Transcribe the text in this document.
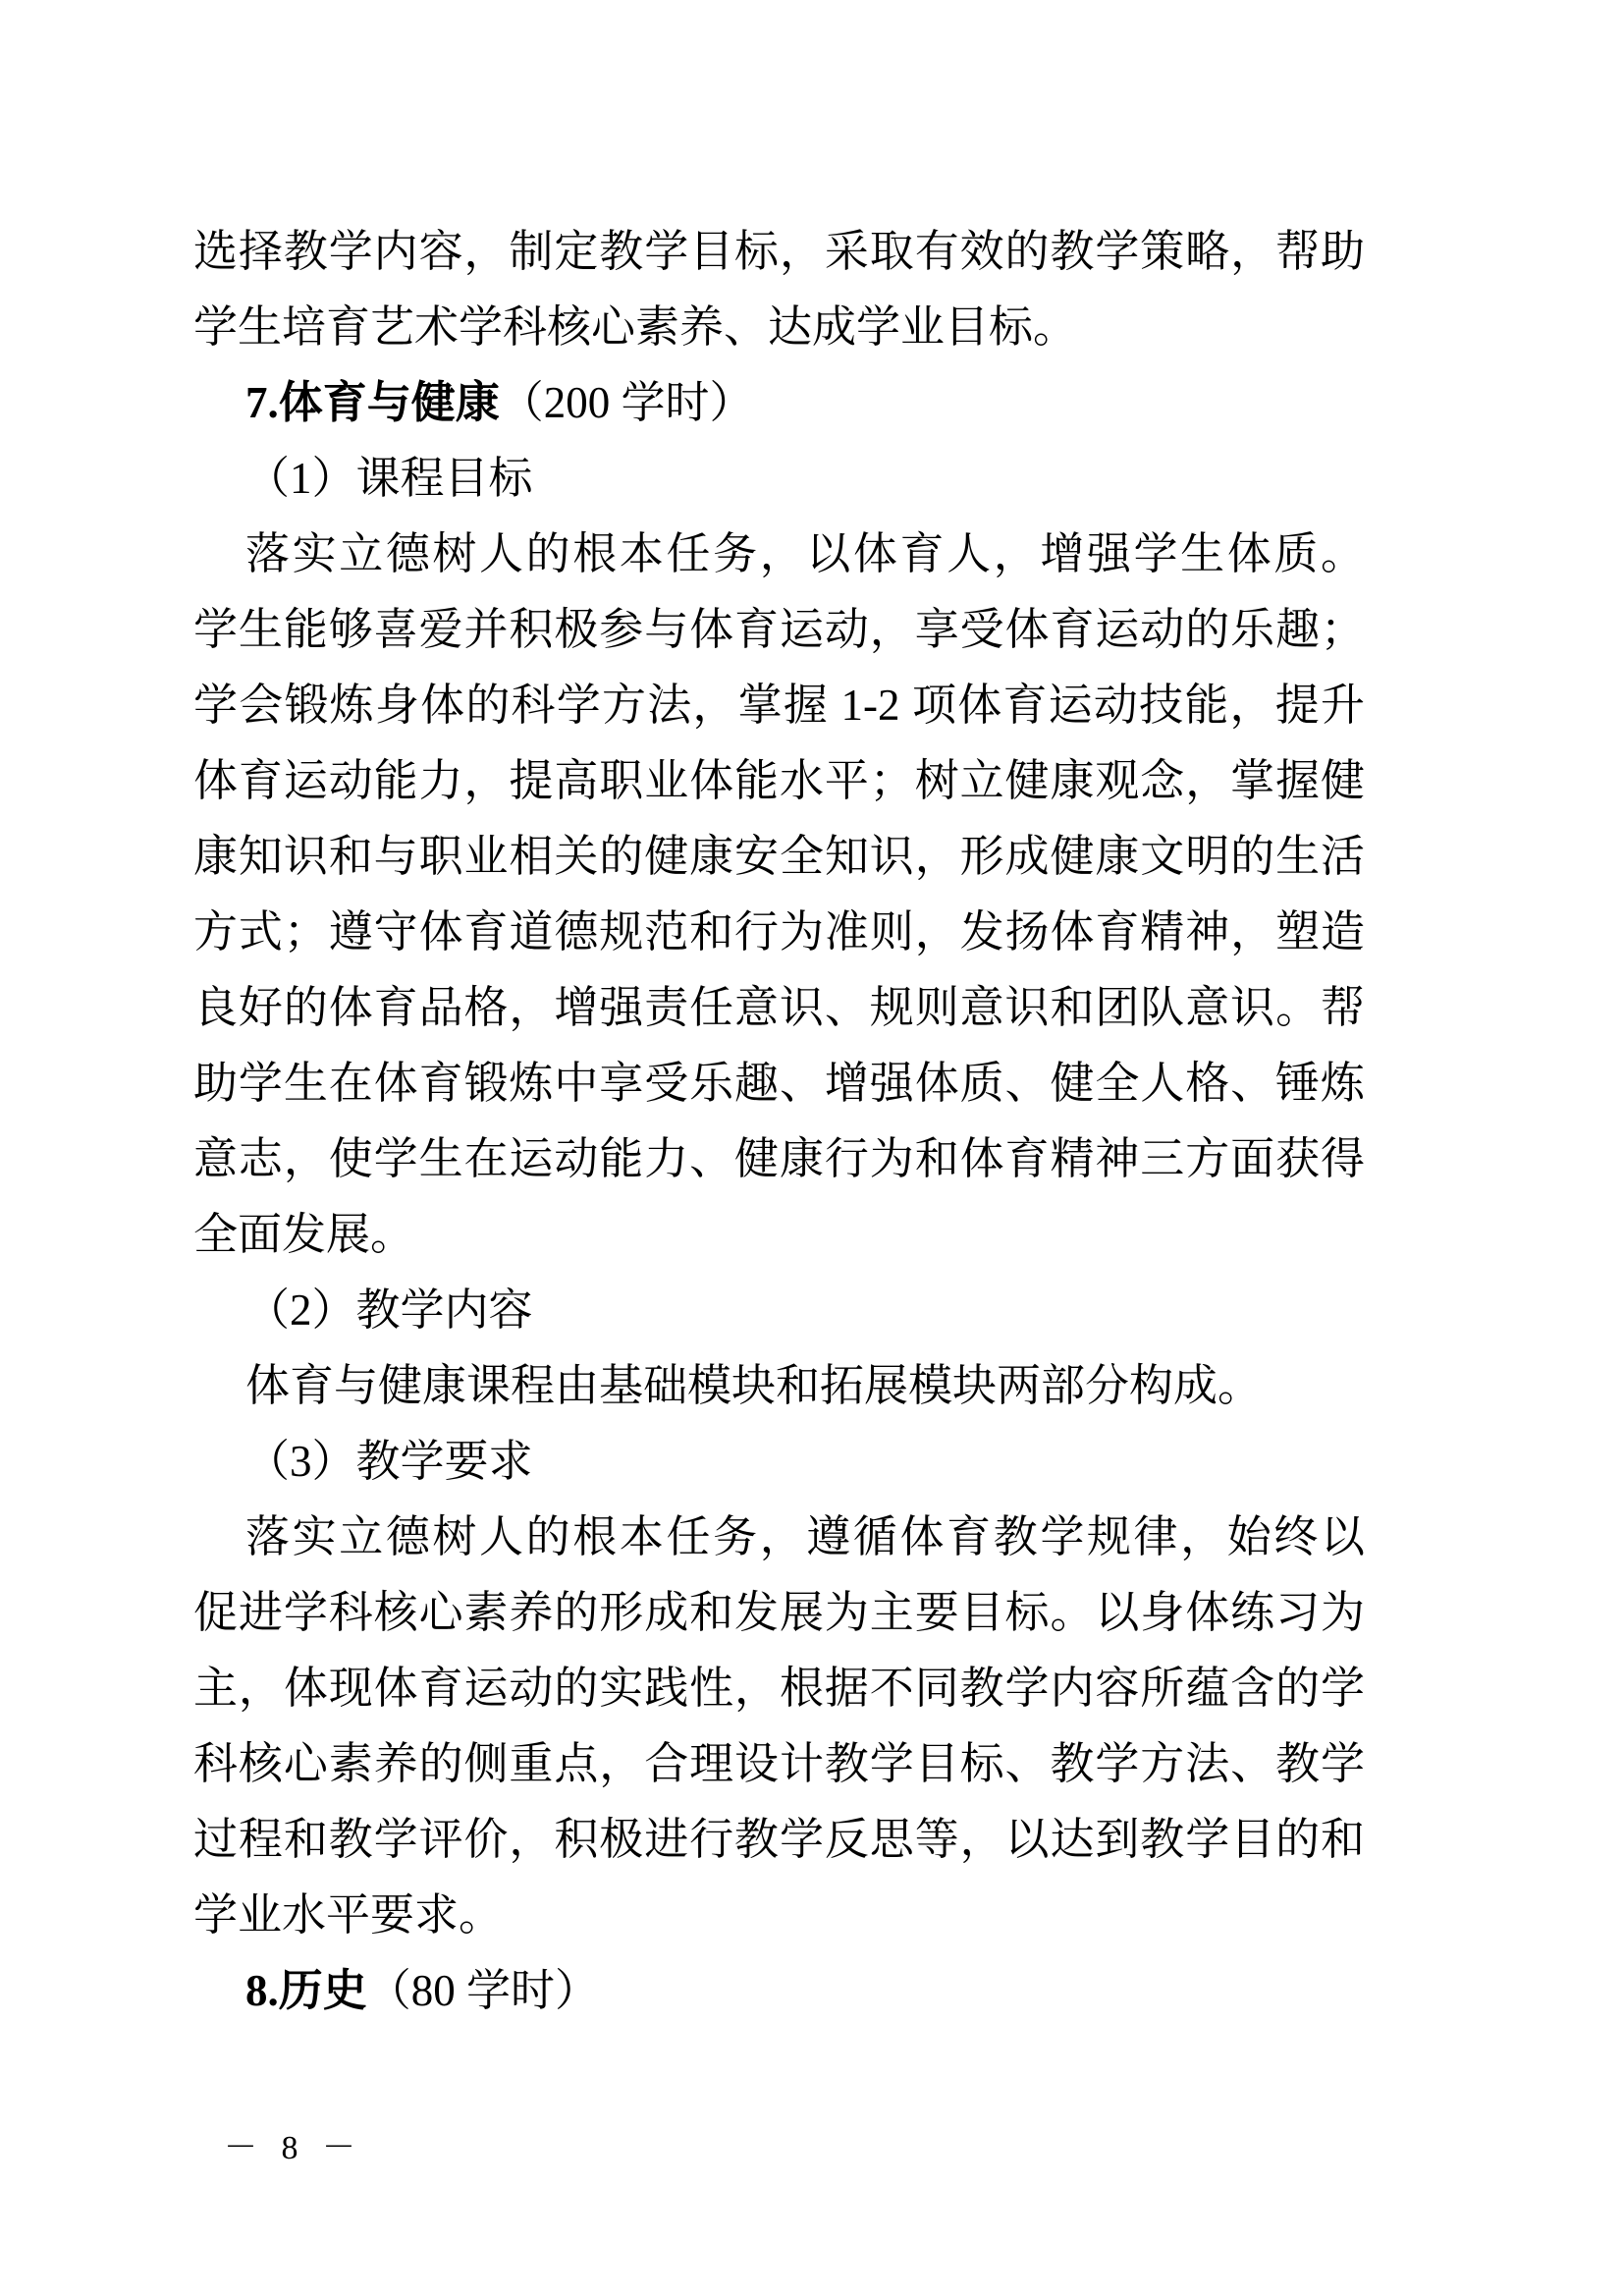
选择教学内容，制定教学目标，采取有效的教学策略，帮助
学生培育艺术学科核心素养、达成学业目标。
7.体育与健康（200 学时）
（1）课程目标
落实立德树人的根本任务，以体育人，增强学生体质。
学生能够喜爱并积极参与体育运动，享受体育运动的乐趣；
学会锻炼身体的科学方法，掌握 1-2 项体育运动技能，提升
体育运动能力，提高职业体能水平；树立健康观念，掌握健
康知识和与职业相关的健康安全知识，形成健康文明的生活
方式；遵守体育道德规范和行为准则，发扬体育精神，塑造
良好的体育品格，增强责任意识、规则意识和团队意识。帮
助学生在体育锻炼中享受乐趣、增强体质、健全人格、锤炼
意志，使学生在运动能力、健康行为和体育精神三方面获得
全面发展。
（2）教学内容
体育与健康课程由基础模块和拓展模块两部分构成。
（3）教学要求
落实立德树人的根本任务，遵循体育教学规律，始终以
促进学科核心素养的形成和发展为主要目标。以身体练习为
主，体现体育运动的实践性，根据不同教学内容所蕴含的学
科核心素养的侧重点，合理设计教学目标、教学方法、教学
过程和教学评价，积极进行教学反思等，以达到教学目的和
学业水平要求。
8.历史（80 学时）
－ 8 －
